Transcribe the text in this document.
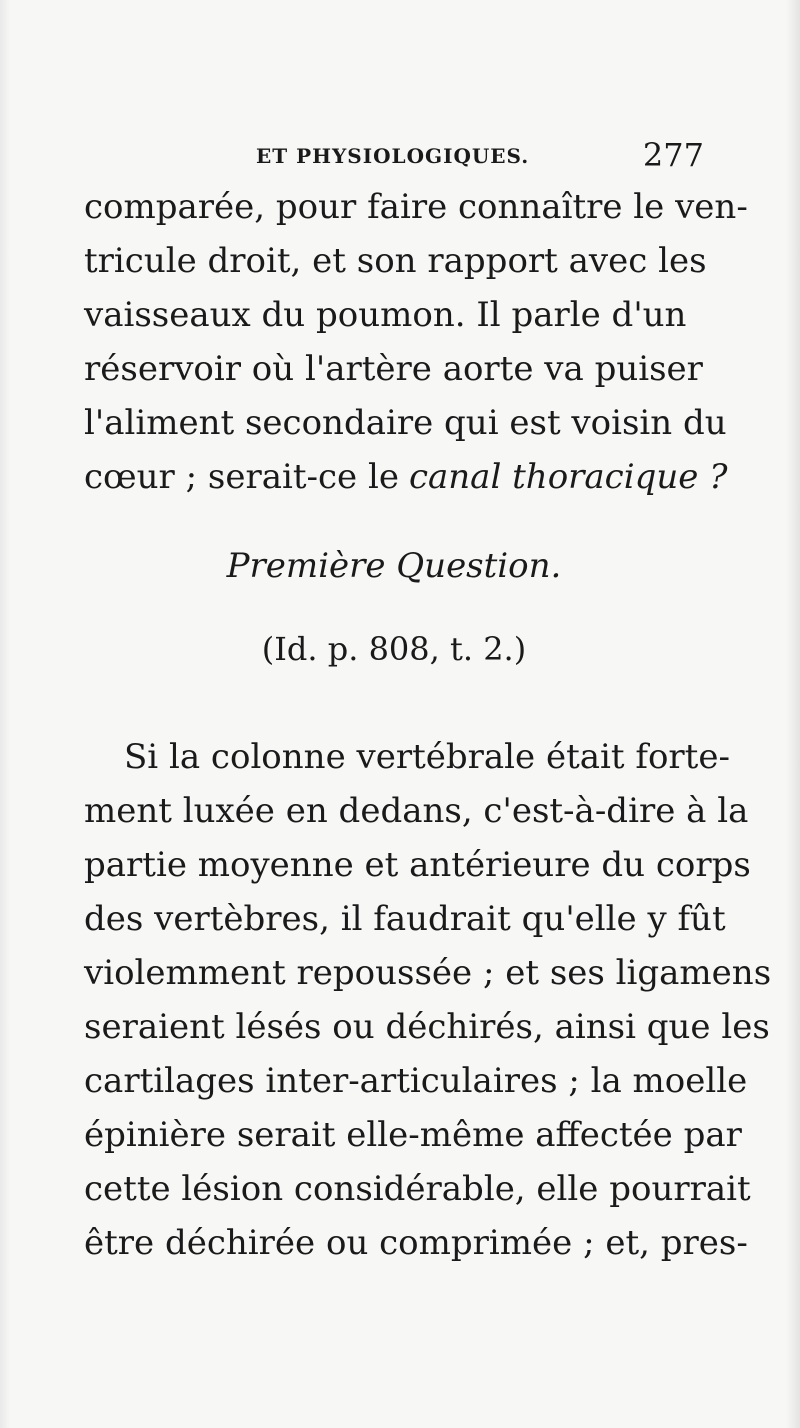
ET PHYSIOLOGIQUES.	277
comparée, pour faire connaître le ven-
tricule droit, et son rapport avec les
vaisseaux du poumon. Il parle d'un
réservoir où l'artère aorte va puiser
l'aliment secondaire qui est voisin du
cœur ; serait-ce le canal thoracique ?
Première Question.
(Id. p. 808, t. 2.)
Si la colonne vertébrale était forte-
ment luxée en dedans, c'est-à-dire à la
partie moyenne et antérieure du corps
des vertèbres, il faudrait qu'elle y fût
violemment repoussée ; et ses ligamens
seraient lésés ou déchirés, ainsi que les
cartilages inter-articulaires ; la moelle
épinière serait elle-même affectée par
cette lésion considérable, elle pourrait
être déchirée ou comprimée ; et, pres-
